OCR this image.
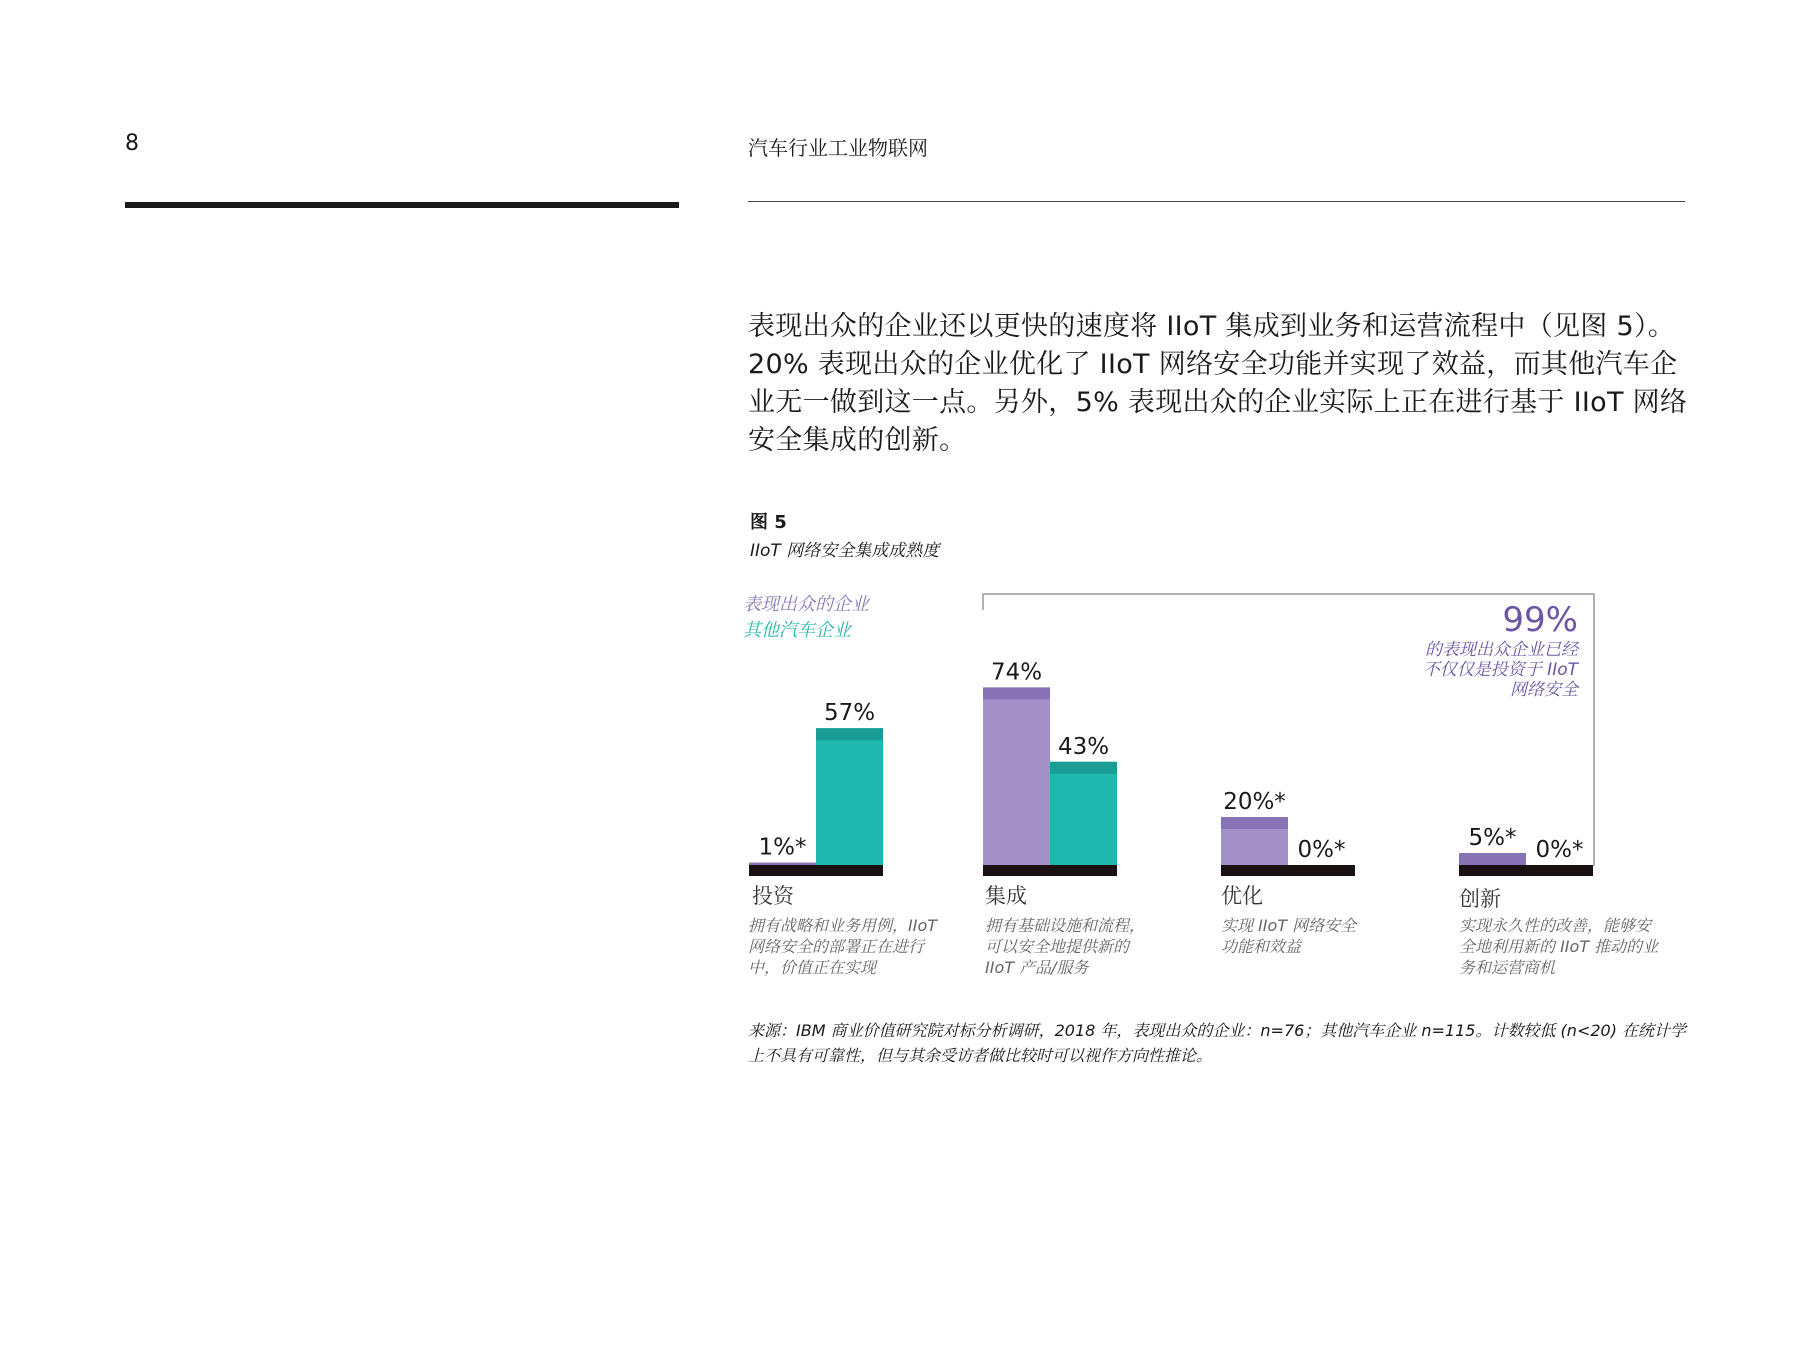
8	汽车行业工业物联网
表现出众的企业还以更快的速度将 IIoT 集成到业务和运营流程中（见图 5）。20% 表现出众的企业优化了 IIoT 网络安全功能并实现了效益，而其他汽车企业无一做到这一点。另外，5% 表现出众的企业实际上正在进行基于 IIoT 网络安全集成的创新。
图 5
IIoT 网络安全集成成熟度
表现出众的企业
其他汽车企业
1%*
57%
74%
43%
20%*
0%*	5%* 0%*
99%
的表现出众企业已经不仅仅是投资于 IIoT 网络安全
投资
拥有战略和业务用例，IIoT 网络安全的部署正在进行中，价值正在实现
集成
拥有基础设施和流程，可以安全地提供新的 IIoT 产品/服务
优化
实现 IIoT 网络安全功能和效益
创新
实现永久性的改善，能够安全地利用新的 IIoT 推动的业务和运营商机
来源：IBM 商业价值研究院对标分析调研，2018 年，表现出众的企业：n=76；其他汽车企业 n=115。计数较低 (n<20) 在统计学上不具有可靠性，但与其余受访者做比较时可以视作方向性推论。
